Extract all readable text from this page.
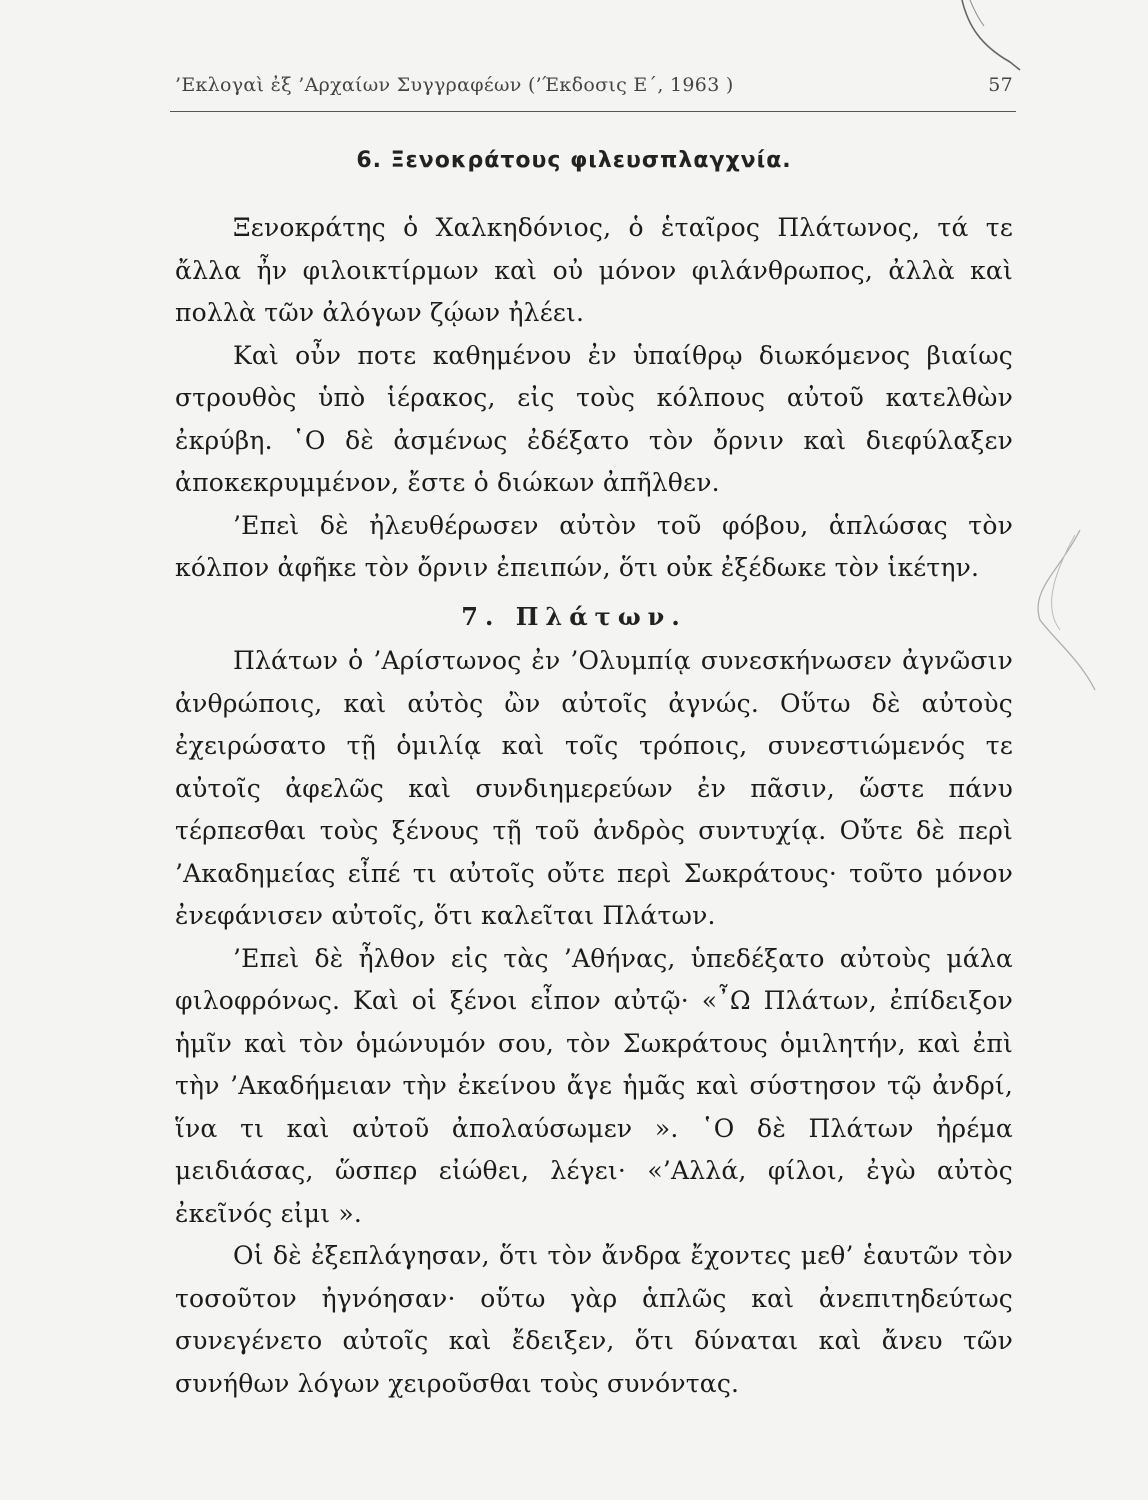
’Εκλογαὶ ἐξ ’Αρχαίων Συγγραφέων (’Έκδοσις Ε΄, 1963 )	57
6. Ξενοκράτους φιλευσπλαγχνία.

Ξενοκράτης ὁ Χαλκηδόνιος, ὁ ἑταῖρος Πλάτωνος, τά τε ἄλλα ἦν φιλοικτίρμων καὶ οὐ μόνον φιλάνθρωπος, ἀλλὰ καὶ πολλὰ τῶν ἀλόγων ζῴων ἠλέει.

Καὶ οὖν ποτε καθημένου ἐν ὑπαίθρῳ διωκόμενος βιαίως στρουθὸς ὑπὸ ἱέρακος, εἰς τοὺς κόλπους αὐτοῦ κατελθὼν ἐκρύβη. ῾Ο δὲ ἀσμένως ἐδέξατο τὸν ὄρνιν καὶ διεφύλαξεν ἀποκεκρυμμένον, ἔστε ὁ διώκων ἀπῆλθεν.

’Επεὶ δὲ ἠλευθέρωσεν αὐτὸν τοῦ φόβου, ἁπλώσας τὸν κόλπον ἀφῆκε τὸν ὄρνιν ἐπειπών, ὅτι οὐκ ἐξέδωκε τὸν ἱκέτην.

7. Πλάτων.

Πλάτων ὁ ’Αρίστωνος ἐν ’Ολυμπίᾳ συνεσκήνωσεν ἀγνῶσιν ἀνθρώποις, καὶ αὐτὸς ὢν αὐτοῖς ἀγνώς. Οὕτω δὲ αὐτοὺς ἐχειρώσατο τῇ ὁμιλίᾳ καὶ τοῖς τρόποις, συνεστιώμενός τε αὐτοῖς ἀφελῶς καὶ συνδιημερεύων ἐν πᾶσιν, ὥστε πάνυ τέρπεσθαι τοὺς ξένους τῇ τοῦ ἀνδρὸς συντυχίᾳ. Οὔτε δὲ περὶ ’Ακαδημείας εἶπέ τι αὐτοῖς οὔτε περὶ Σωκράτους· τοῦτο μόνον ἐνεφάνισεν αὐτοῖς, ὅτι καλεῖται Πλάτων.

’Επεὶ δὲ ἦλθον εἰς τὰς ’Αθήνας, ὑπεδέξατο αὐτοὺς μάλα φιλοφρόνως. Καὶ οἱ ξένοι εἶπον αὐτῷ· «῏Ω Πλάτων, ἐπίδειξον ἡμῖν καὶ τὸν ὁμώνυμόν σου, τὸν Σωκράτους ὁμιλητήν, καὶ ἐπὶ τὴν ’Ακαδήμειαν τὴν ἐκείνου ἄγε ἡμᾶς καὶ σύστησον τῷ ἀνδρί, ἵνα τι καὶ αὐτοῦ ἀπολαύσωμεν ». ῾Ο δὲ Πλάτων ἠρέμα μειδιάσας, ὥσπερ εἰώθει, λέγει· «’Αλλά, φίλοι, ἐγὼ αὐτὸς ἐκεῖνός εἰμι ».

Οἱ δὲ ἐξεπλάγησαν, ὅτι τὸν ἄνδρα ἔχοντες μεθ’ ἑαυτῶν τὸν τοσοῦτον ἠγνόησαν· οὕτω γὰρ ἁπλῶς καὶ ἀνεπιτηδεύτως συνεγένετο αὐτοῖς καὶ ἔδειξεν, ὅτι δύναται καὶ ἄνευ τῶν συνήθων λόγων χειροῦσθαι τοὺς συνόντας.
